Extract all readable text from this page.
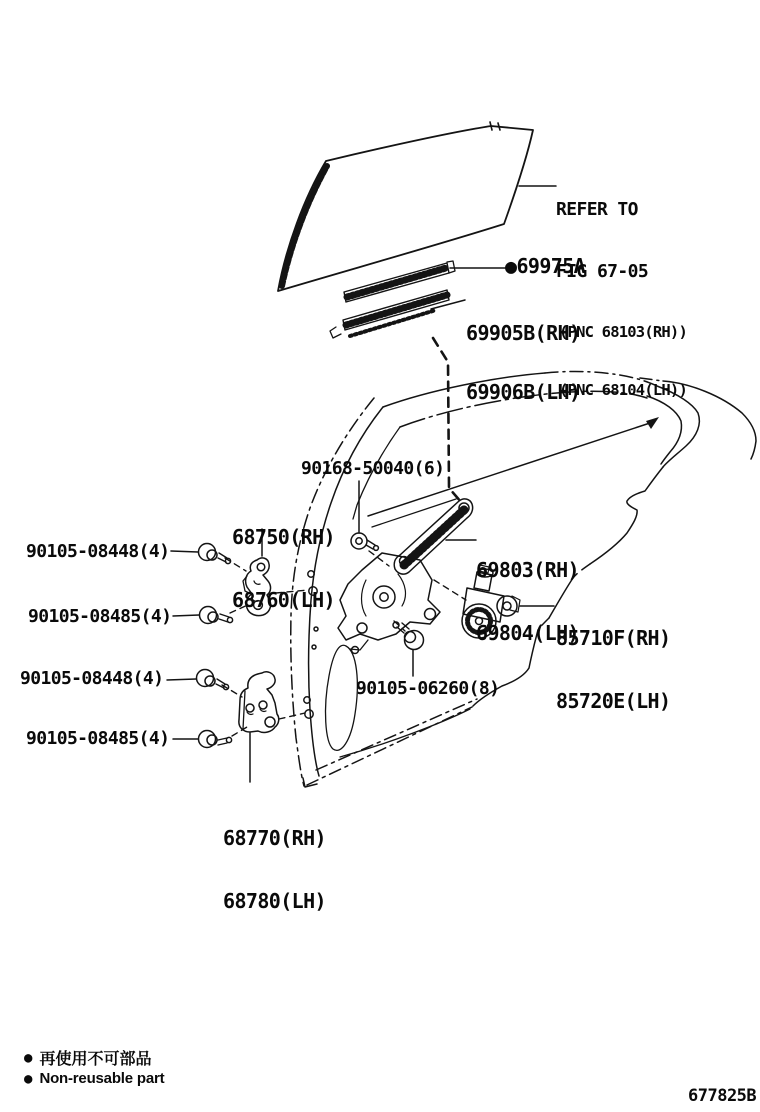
REFER TO

FIG 67-05

(PNC 68103(RH))

(PNC 68104(LH))

●69975A

69905B(RH)

69906B(LH)

90168-50040(6)

68750(RH)

68760(LH)

90105-08448(4)
90105-08485(4)

69803(RH)

69804(LH)

85710F(RH)

85720E(LH)

90105-08448(4)
90105-08485(4)
90105-06260(8)

68770(RH)

68780(LH)

● 再使用不可部品
● Non-reusable part
677825B
